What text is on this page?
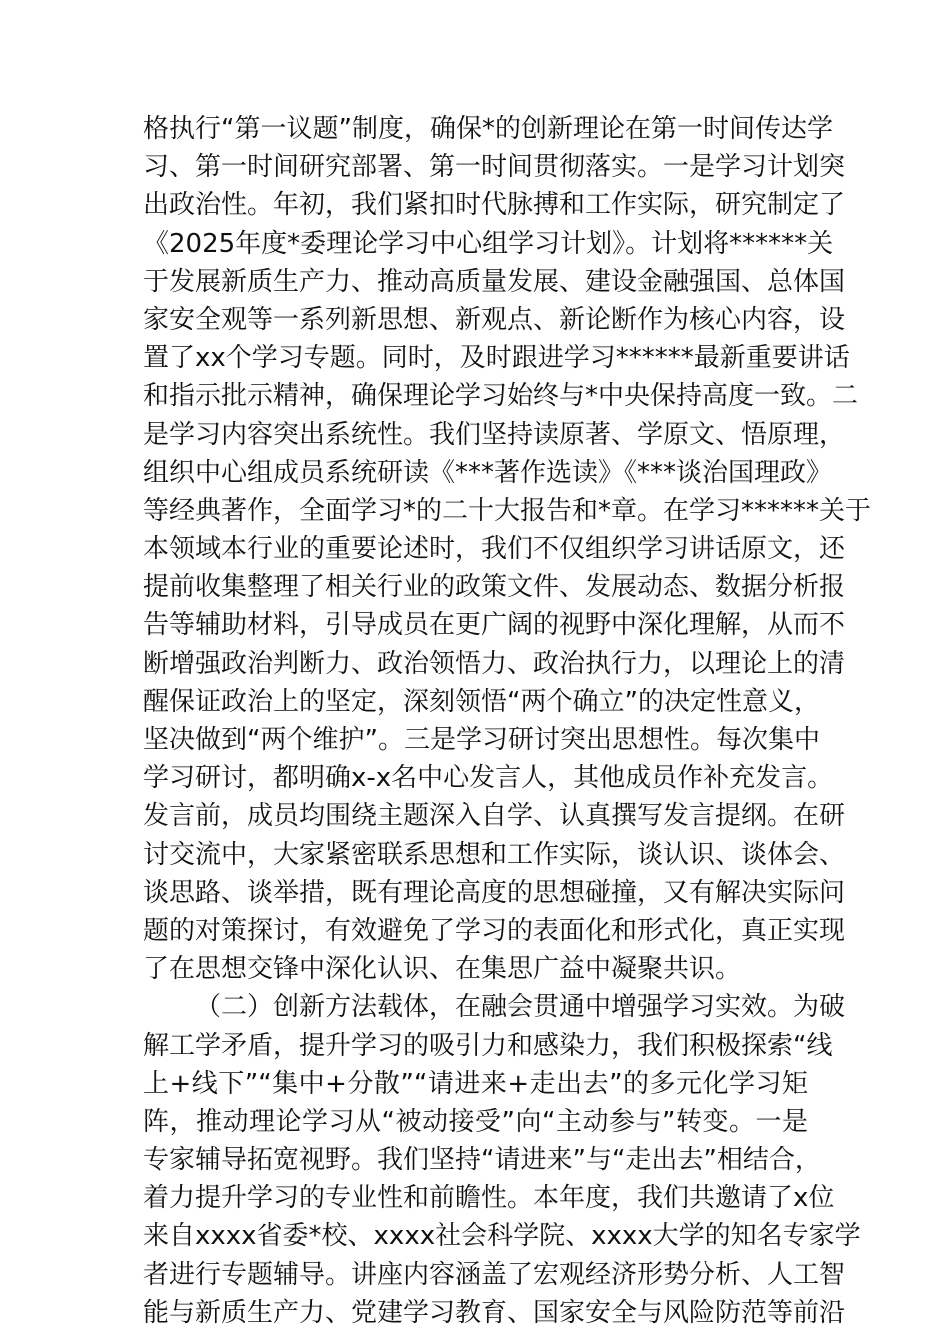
格执行“第一议题”制度，确保*的创新理论在第一时间传达学
习、第一时间研究部署、第一时间贯彻落实。一是学习计划突
出政治性。年初，我们紧扣时代脉搏和工作实际，研究制定了
《2025年度*委理论学习中心组学习计划》。计划将******关
于发展新质生产力、推动高质量发展、建设金融强国、总体国
家安全观等一系列新思想、新观点、新论断作为核心内容，设
置了xx个学习专题。同时，及时跟进学习******最新重要讲话
和指示批示精神，确保理论学习始终与*中央保持高度一致。二
是学习内容突出系统性。我们坚持读原著、学原文、悟原理，
组织中心组成员系统研读《***著作选读》《***谈治国理政》
等经典著作，全面学习*的二十大报告和*章。在学习******关于
本领域本行业的重要论述时，我们不仅组织学习讲话原文，还
提前收集整理了相关行业的政策文件、发展动态、数据分析报
告等辅助材料，引导成员在更广阔的视野中深化理解，从而不
断增强政治判断力、政治领悟力、政治执行力，以理论上的清
醒保证政治上的坚定，深刻领悟“两个确立”的决定性意义，
坚决做到“两个维护”。三是学习研讨突出思想性。每次集中
学习研讨，都明确x-x名中心发言人，其他成员作补充发言。
发言前，成员均围绕主题深入自学、认真撰写发言提纲。在研
讨交流中，大家紧密联系思想和工作实际，谈认识、谈体会、
谈思路、谈举措，既有理论高度的思想碰撞，又有解决实际问
题的对策探讨，有效避免了学习的表面化和形式化，真正实现
了在思想交锋中深化认识、在集思广益中凝聚共识。
（二）创新方法载体，在融会贯通中增强学习实效。为破
解工学矛盾，提升学习的吸引力和感染力，我们积极探索“线
上+线下”“集中+分散”“请进来+走出去”的多元化学习矩
阵，推动理论学习从“被动接受”向“主动参与”转变。一是
专家辅导拓宽视野。我们坚持“请进来”与“走出去”相结合，
着力提升学习的专业性和前瞻性。本年度，我们共邀请了x位
来自xxxx省委*校、xxxx社会科学院、xxxx大学的知名专家学
者进行专题辅导。讲座内容涵盖了宏观经济形势分析、人工智
能与新质生产力、党建学习教育、国家安全与风险防范等前沿
